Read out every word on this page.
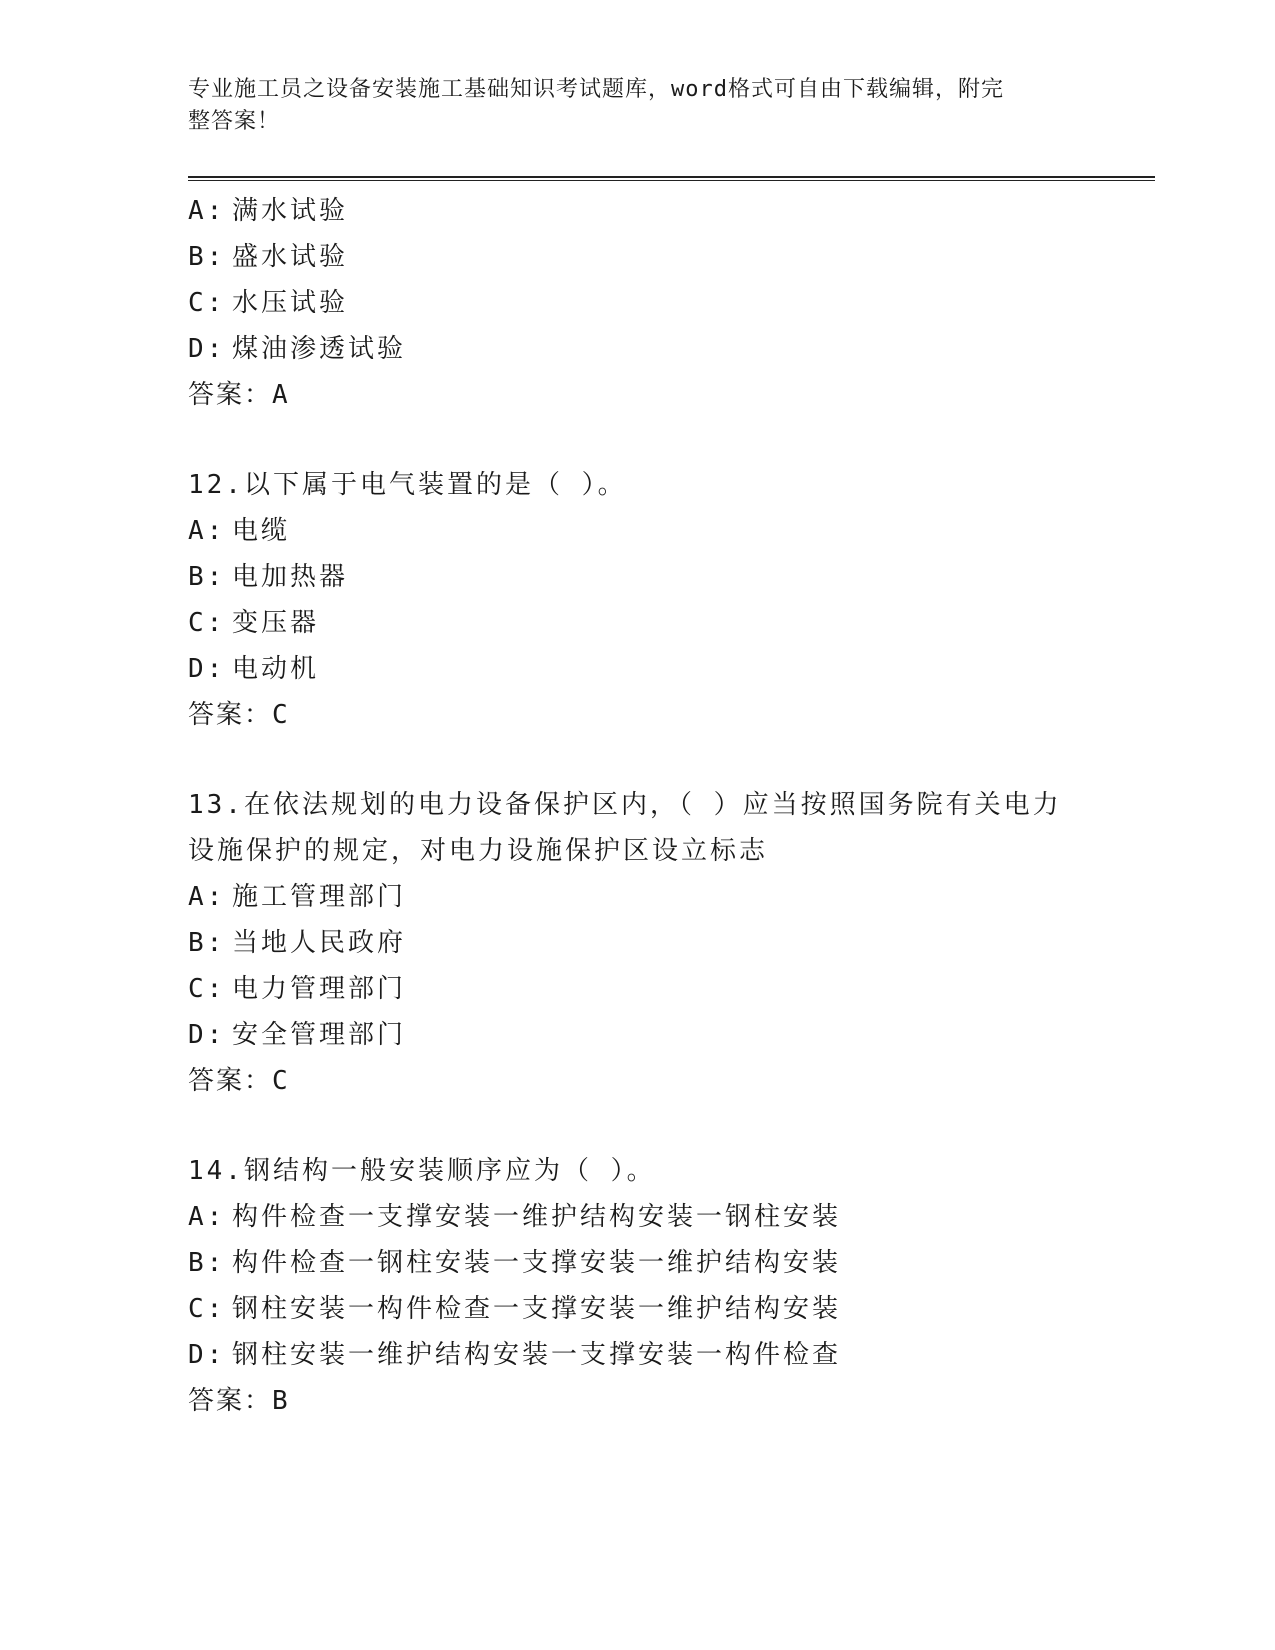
专业施工员之设备安装施工基础知识考试题库，word格式可自由下载编辑，附完
整答案！
A: 满水试验
B: 盛水试验
C: 水压试验
D: 煤油渗透试验
答案：A
12.以下属于电气装置的是（ ）。
A: 电缆
B: 电加热器
C: 变压器
D: 电动机
答案：C
13.在依法规划的电力设备保护区内，（ ）应当按照国务院有关电力
设施保护的规定，对电力设施保护区设立标志
A: 施工管理部门
B: 当地人民政府
C: 电力管理部门
D: 安全管理部门
答案：C
14.钢结构一般安装顺序应为（ ）。
A: 构件检查一支撑安装一维护结构安装一钢柱安装
B: 构件检查一钢柱安装一支撑安装一维护结构安装
C: 钢柱安装一构件检查一支撑安装一维护结构安装
D: 钢柱安装一维护结构安装一支撑安装一构件检查
答案：B
